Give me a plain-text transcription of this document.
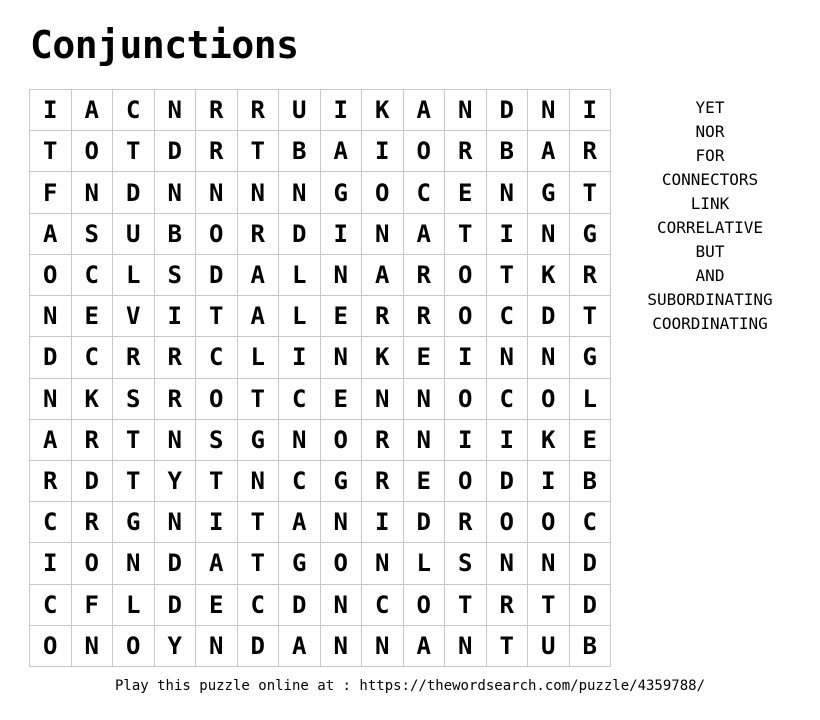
Conjunctions
I	A	C	N	R	R	U	I	K	A	N	D	N	I
T	O	T	D	R	T	B	A	I	O	R	B	A	R
F	N	D	N	N	N	N	G	O	C	E	N	G	T
A	S	U	B	O	R	D	I	N	A	T	I	N	G
O	C	L	S	D	A	L	N	A	R	O	T	K	R
N	E	V	I	T	A	L	E	R	R	O	C	D	T
D	C	R	R	C	L	I	N	K	E	I	N	N	G
N	K	S	R	O	T	C	E	N	N	O	C	O	L
A	R	T	N	S	G	N	O	R	N	I	I	K	E
R	D	T	Y	T	N	C	G	R	E	O	D	I	B
C	R	G	N	I	T	A	N	I	D	R	O	O	C
I	O	N	D	A	T	G	O	N	L	S	N	N	D
C	F	L	D	E	C	D	N	C	O	T	R	T	D
O	N	O	Y	N	D	A	N	N	A	N	T	U	B
YET
NOR
FOR
CONNECTORS
LINK
CORRELATIVE
BUT
AND
SUBORDINATING
COORDINATING
Play this puzzle online at : https://thewordsearch.com/puzzle/4359788/
